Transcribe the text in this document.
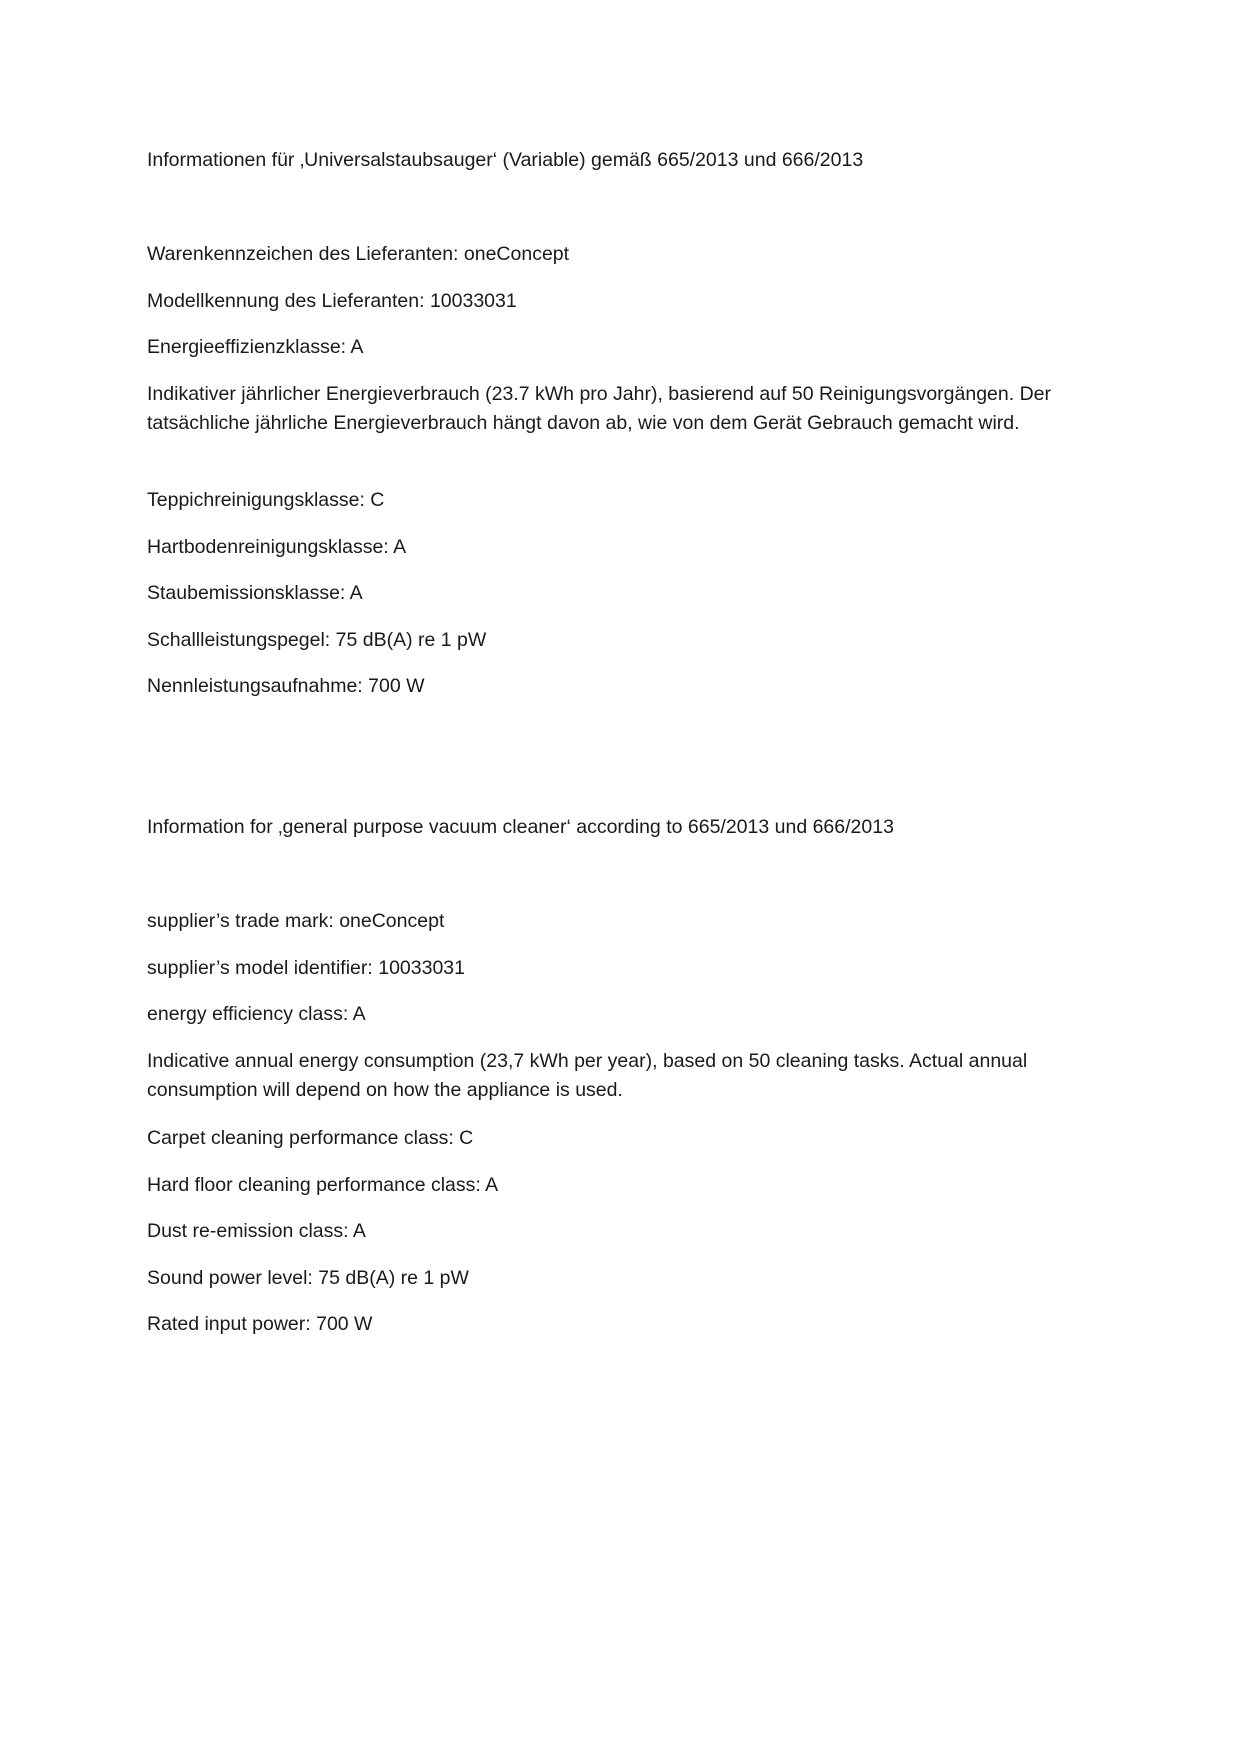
Informationen für ‚Universalstaubsauger‘ (Variable) gemäß 665/2013 und 666/2013
Warenkennzeichen des Lieferanten: oneConcept
Modellkennung des Lieferanten: 10033031
Energieeffizienzklasse: A
Indikativer jährlicher Energieverbrauch (23.7 kWh pro Jahr), basierend auf 50 Reinigungsvorgängen. Der tatsächliche jährliche Energieverbrauch hängt davon ab, wie von dem Gerät Gebrauch gemacht wird.
Teppichreinigungsklasse: C
Hartbodenreinigungsklasse: A
Staubemissionsklasse: A
Schallleistungspegel: 75 dB(A) re 1 pW
Nennleistungsaufnahme: 700 W
Information for ‚general purpose vacuum cleaner‘ according to 665/2013 und 666/2013
supplier’s trade mark: oneConcept
supplier’s model identifier: 10033031
energy efficiency class: A
Indicative annual energy consumption (23,7 kWh per year), based on 50 cleaning tasks. Actual annual consumption will depend on how the appliance is used.
Carpet cleaning performance class: C
Hard floor cleaning performance class: A
Dust re-emission class: A
Sound power level: 75 dB(A) re 1 pW
Rated input power: 700 W
